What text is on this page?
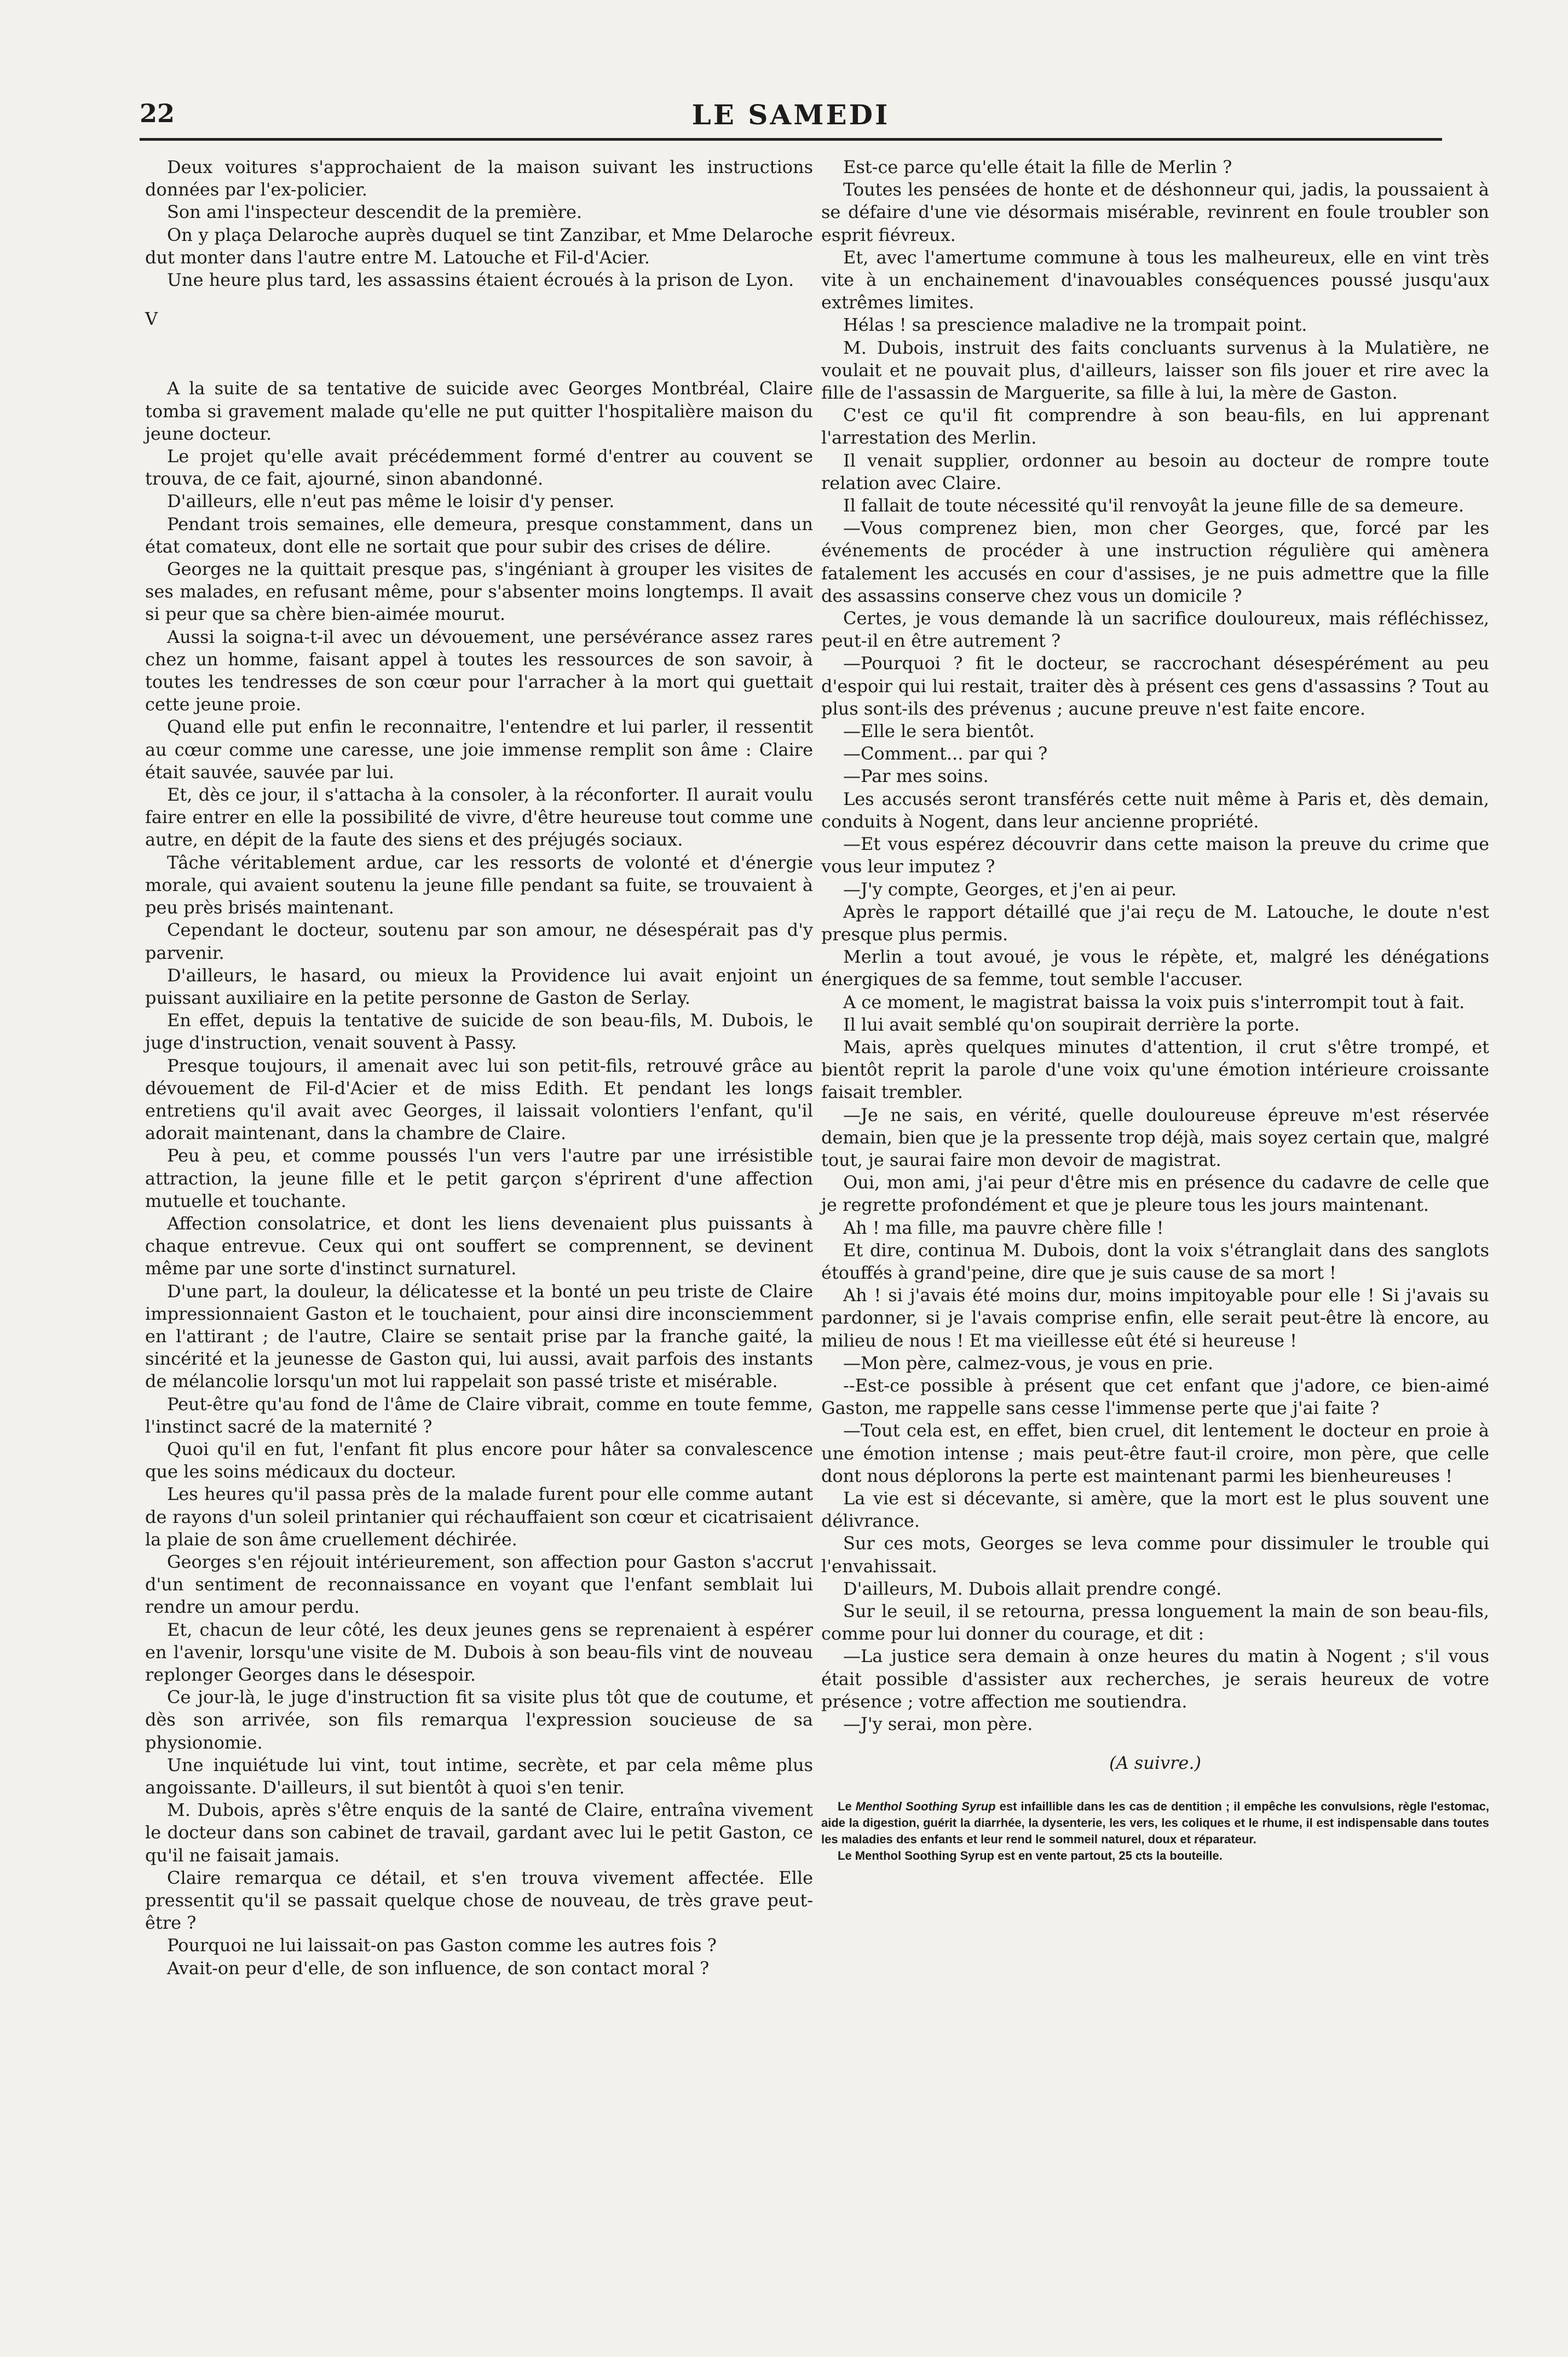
22	LE SAMEDI

Deux voitures s'approchaient de la maison suivant les instructions données par l'ex-policier.

Son ami l'inspecteur descendit de la première.

On y plaça Delaroche auprès duquel se tint Zanzibar, et Mme Delaroche dut monter dans l'autre entre M. Latouche et Fil-d'Acier.

Une heure plus tard, les assassins étaient écroués à la prison de Lyon.

V

A la suite de sa tentative de suicide avec Georges Montbréal, Claire tomba si gravement malade qu'elle ne put quitter l'hospitalière maison du jeune docteur.

Le projet qu'elle avait précédemment formé d'entrer au couvent se trouva, de ce fait, ajourné, sinon abandonné.

D'ailleurs, elle n'eut pas même le loisir d'y penser.

Pendant trois semaines, elle demeura, presque constamment, dans un état comateux, dont elle ne sortait que pour subir des crises de délire.

Georges ne la quittait presque pas, s'ingéniant à grouper les visites de ses malades, en refusant même, pour s'absenter moins longtemps. Il avait si peur que sa chère bien-aimée mourut.

Aussi la soigna-t-il avec un dévouement, une persévérance assez rares chez un homme, faisant appel à toutes les ressources de son savoir, à toutes les tendresses de son cœur pour l'arracher à la mort qui guettait cette jeune proie.

Quand elle put enfin le reconnaitre, l'entendre et lui parler, il ressentit au cœur comme une caresse, une joie immense remplit son âme : Claire était sauvée, sauvée par lui.

Et, dès ce jour, il s'attacha à la consoler, à la réconforter. Il aurait voulu faire entrer en elle la possibilité de vivre, d'être heureuse tout comme une autre, en dépit de la faute des siens et des préjugés sociaux.

Tâche véritablement ardue, car les ressorts de volonté et d'énergie morale, qui avaient soutenu la jeune fille pendant sa fuite, se trouvaient à peu près brisés maintenant.

Cependant le docteur, soutenu par son amour, ne désespérait pas d'y parvenir.

D'ailleurs, le hasard, ou mieux la Providence lui avait enjoint un puissant auxiliaire en la petite personne de Gaston de Serlay.

En effet, depuis la tentative de suicide de son beau-fils, M. Dubois, le juge d'instruction, venait souvent à Passy.

Presque toujours, il amenait avec lui son petit-fils, retrouvé grâce au dévouement de Fil-d'Acier et de miss Edith. Et pendant les longs entretiens qu'il avait avec Georges, il laissait volontiers l'enfant, qu'il adorait maintenant, dans la chambre de Claire.

Peu à peu, et comme poussés l'un vers l'autre par une irrésistible attraction, la jeune fille et le petit garçon s'éprirent d'une affection mutuelle et touchante.

Affection consolatrice, et dont les liens devenaient plus puissants à chaque entrevue. Ceux qui ont souffert se comprennent, se devinent même par une sorte d'instinct surnaturel.

D'une part, la douleur, la délicatesse et la bonté un peu triste de Claire impressionnaient Gaston et le touchaient, pour ainsi dire inconsciemment en l'attirant ; de l'autre, Claire se sentait prise par la franche gaité, la sincérité et la jeunesse de Gaston qui, lui aussi, avait parfois des instants de mélancolie lorsqu'un mot lui rappelait son passé triste et misérable.

Peut-être qu'au fond de l'âme de Claire vibrait, comme en toute femme, l'instinct sacré de la maternité ?

Quoi qu'il en fut, l'enfant fit plus encore pour hâter sa convalescence que les soins médicaux du docteur.

Les heures qu'il passa près de la malade furent pour elle comme autant de rayons d'un soleil printanier qui réchauffaient son cœur et cicatrisaient la plaie de son âme cruellement déchirée.

Georges s'en réjouit intérieurement, son affection pour Gaston s'accrut d'un sentiment de reconnaissance en voyant que l'enfant semblait lui rendre un amour perdu.

Et, chacun de leur côté, les deux jeunes gens se reprenaient à espérer en l'avenir, lorsqu'une visite de M. Dubois à son beau-fils vint de nouveau replonger Georges dans le désespoir.

Ce jour-là, le juge d'instruction fit sa visite plus tôt que de coutume, et dès son arrivée, son fils remarqua l'expression soucieuse de sa physionomie.

Une inquiétude lui vint, tout intime, secrète, et par cela même plus angoissante. D'ailleurs, il sut bientôt à quoi s'en tenir.

M. Dubois, après s'être enquis de la santé de Claire, entraîna vivement le docteur dans son cabinet de travail, gardant avec lui le petit Gaston, ce qu'il ne faisait jamais.

Claire remarqua ce détail, et s'en trouva vivement affectée. Elle pressentit qu'il se passait quelque chose de nouveau, de très grave peut-être ?

Pourquoi ne lui laissait-on pas Gaston comme les autres fois ?

Avait-on peur d'elle, de son influence, de son contact moral ?

Est-ce parce qu'elle était la fille de Merlin ?

Toutes les pensées de honte et de déshonneur qui, jadis, la poussaient à se défaire d'une vie désormais misérable, revinrent en foule troubler son esprit fiévreux.

Et, avec l'amertume commune à tous les malheureux, elle en vint très vite à un enchainement d'inavouables conséquences poussé jusqu'aux extrêmes limites.

Hélas ! sa prescience maladive ne la trompait point.

M. Dubois, instruit des faits concluants survenus à la Mulatière, ne voulait et ne pouvait plus, d'ailleurs, laisser son fils jouer et rire avec la fille de l'assassin de Marguerite, sa fille à lui, la mère de Gaston.

C'est ce qu'il fit comprendre à son beau-fils, en lui apprenant l'arrestation des Merlin.

Il venait supplier, ordonner au besoin au docteur de rompre toute relation avec Claire.

Il fallait de toute nécessité qu'il renvoyât la jeune fille de sa demeure.

—Vous comprenez bien, mon cher Georges, que, forcé par les événements de procéder à une instruction régulière qui amènera fatalement les accusés en cour d'assises, je ne puis admettre que la fille des assassins conserve chez vous un domicile ?

Certes, je vous demande là un sacrifice douloureux, mais réfléchissez, peut-il en être autrement ?

—Pourquoi ? fit le docteur, se raccrochant désespérément au peu d'espoir qui lui restait, traiter dès à présent ces gens d'assassins ? Tout au plus sont-ils des prévenus ; aucune preuve n'est faite encore.

—Elle le sera bientôt.

—Comment... par qui ?

—Par mes soins.

Les accusés seront transférés cette nuit même à Paris et, dès demain, conduits à Nogent, dans leur ancienne propriété.

—Et vous espérez découvrir dans cette maison la preuve du crime que vous leur imputez ?

—J'y compte, Georges, et j'en ai peur.

Après le rapport détaillé que j'ai reçu de M. Latouche, le doute n'est presque plus permis.

Merlin a tout avoué, je vous le répète, et, malgré les dénégations énergiques de sa femme, tout semble l'accuser.

A ce moment, le magistrat baissa la voix puis s'interrompit tout à fait.

Il lui avait semblé qu'on soupirait derrière la porte.

Mais, après quelques minutes d'attention, il crut s'être trompé, et bientôt reprit la parole d'une voix qu'une émotion intérieure croissante faisait trembler.

—Je ne sais, en vérité, quelle douloureuse épreuve m'est réservée demain, bien que je la pressente trop déjà, mais soyez certain que, malgré tout, je saurai faire mon devoir de magistrat.

Oui, mon ami, j'ai peur d'être mis en présence du cadavre de celle que je regrette profondément et que je pleure tous les jours maintenant.

Ah ! ma fille, ma pauvre chère fille !

Et dire, continua M. Dubois, dont la voix s'étranglait dans des sanglots étouffés à grand'peine, dire que je suis cause de sa mort !

Ah ! si j'avais été moins dur, moins impitoyable pour elle ! Si j'avais su pardonner, si je l'avais comprise enfin, elle serait peut-être là encore, au milieu de nous ! Et ma vieillesse eût été si heureuse !

—Mon père, calmez-vous, je vous en prie.

--Est-ce possible à présent que cet enfant que j'adore, ce bien-aimé Gaston, me rappelle sans cesse l'immense perte que j'ai faite ?

—Tout cela est, en effet, bien cruel, dit lentement le docteur en proie à une émotion intense ; mais peut-être faut-il croire, mon père, que celle dont nous déplorons la perte est maintenant parmi les bienheureuses !

La vie est si décevante, si amère, que la mort est le plus souvent une délivrance.

Sur ces mots, Georges se leva comme pour dissimuler le trouble qui l'envahissait.

D'ailleurs, M. Dubois allait prendre congé.

Sur le seuil, il se retourna, pressa longuement la main de son beau-fils, comme pour lui donner du courage, et dit :

—La justice sera demain à onze heures du matin à Nogent ; s'il vous était possible d'assister aux recherches, je serais heureux de votre présence ; votre affection me soutiendra.

—J'y serai, mon père.

(A suivre.)

Le Menthol Soothing Syrup est infaillible dans les cas de dentition ; il empêche les convulsions, règle l'estomac, aide la digestion, guérit la diarrhée, la dysenterie, les vers, les coliques et le rhume, il est indispensable dans toutes les maladies des enfants et leur rend le sommeil naturel, doux et réparateur.

Le Menthol Soothing Syrup est en vente partout, 25 cts la bouteille.
